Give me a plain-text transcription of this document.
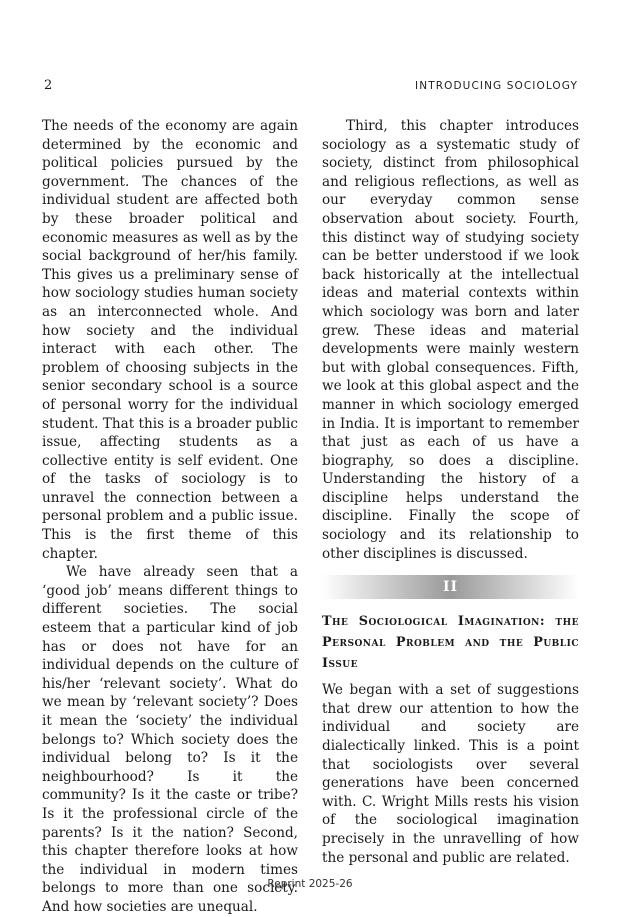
2	INTRODUCING SOCIOLOGY

The needs of the economy are again determined by the economic and political policies pursued by the government. The chances of the individual student are affected both by these broader political and economic measures as well as by the social background of her/his family. This gives us a preliminary sense of how sociology studies human society as an interconnected whole. And how society and the individual interact with each other. The problem of choosing subjects in the senior secondary school is a source of personal worry for the individual student. That this is a broader public issue, affecting students as a collective entity is self evident. One of the tasks of sociology is to unravel the connection between a personal problem and a public issue. This is the first theme of this chapter.

We have already seen that a ‘good job’ means different things to different societies. The social esteem that a particular kind of job has or does not have for an individual depends on the culture of his/her ‘relevant society’. What do we mean by ‘relevant society’? Does it mean the ‘society’ the individual belongs to? Which society does the individual belong to? Is it the neighbourhood? Is it the community? Is it the caste or tribe? Is it the professional circle of the parents? Is it the nation? Second, this chapter therefore looks at how the individual in modern times belongs to more than one society. And how societies are unequal.

Third, this chapter introduces sociology as a systematic study of society, distinct from philosophical and religious reflections, as well as our everyday common sense observation about society. Fourth, this distinct way of studying society can be better understood if we look back historically at the intellectual ideas and material contexts within which sociology was born and later grew. These ideas and material developments were mainly western but with global consequences. Fifth, we look at this global aspect and the manner in which sociology emerged in India. It is important to remember that just as each of us have a biography, so does a discipline. Understanding the history of a discipline helps understand the discipline. Finally the scope of sociology and its relationship to other disciplines is discussed.

II
The Sociological Imagination: the Personal Problem and the Public Issue

We began with a set of suggestions that drew our attention to how the individual and society are dialectically linked. This is a point that sociologists over several generations have been concerned with. C. Wright Mills rests his vision of the sociological imagination precisely in the unravelling of how the personal and public are related.

Reprint 2025-26
